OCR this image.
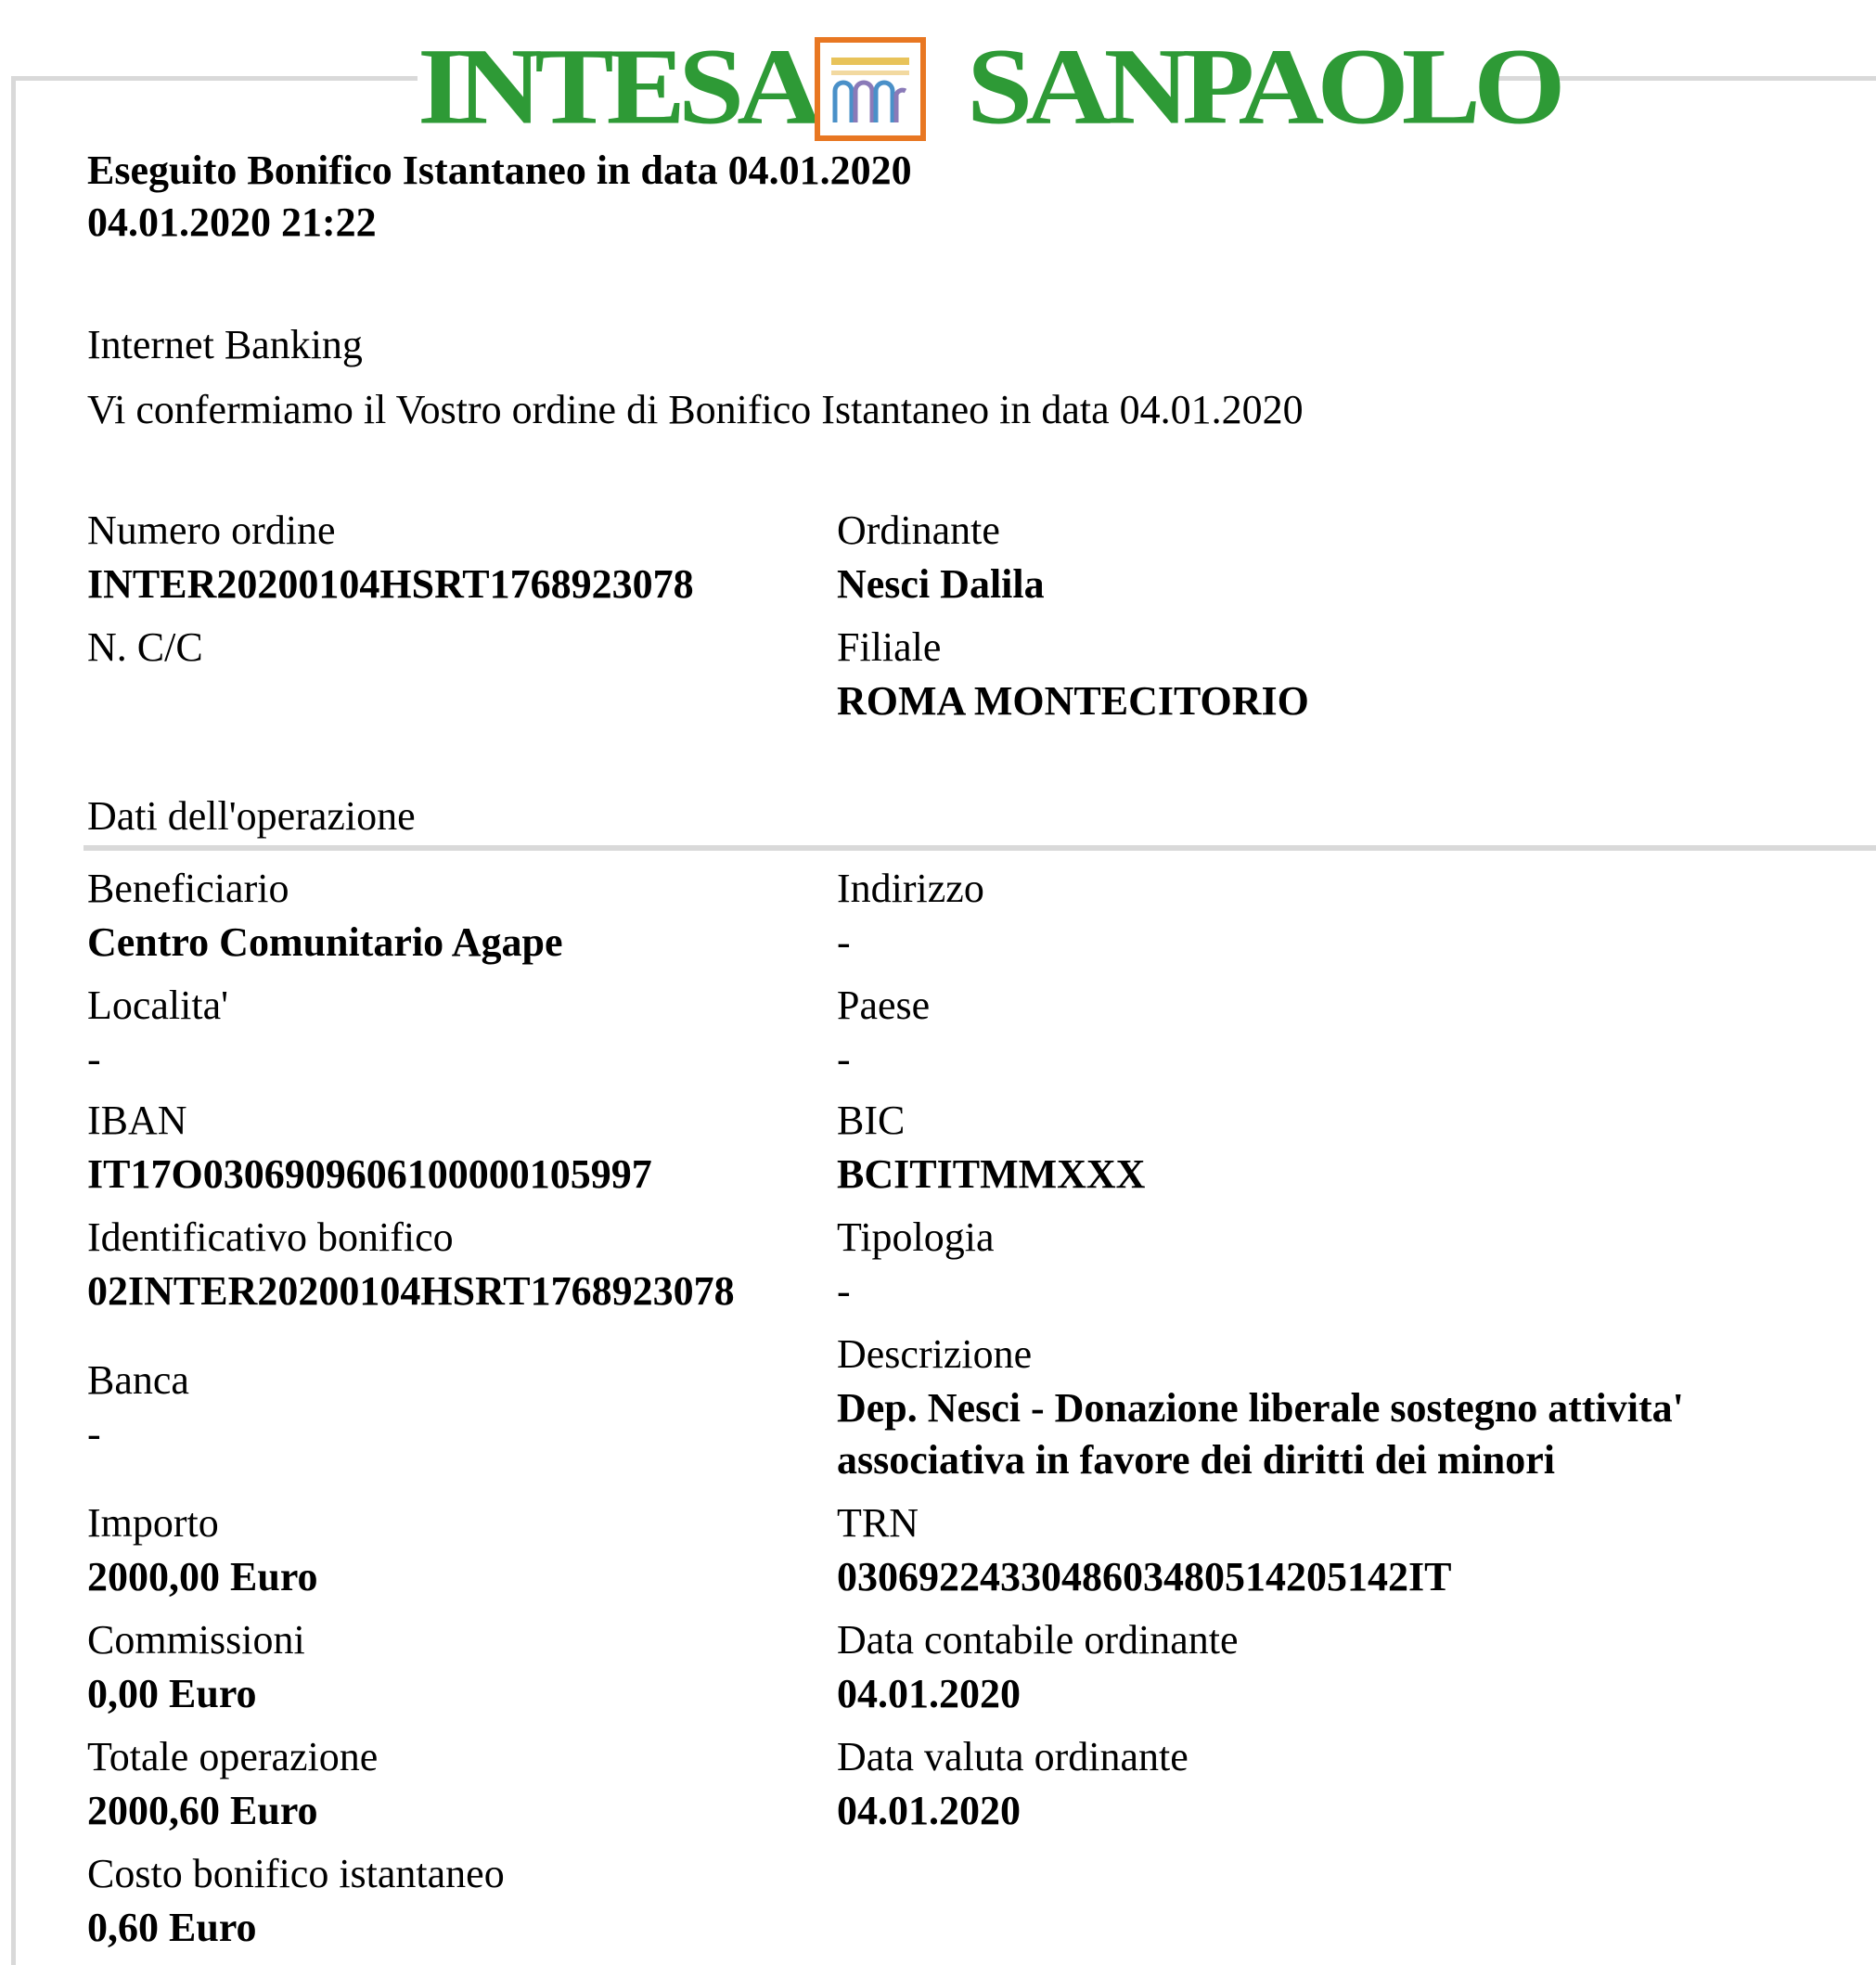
INTESA SANPAOLO
Eseguito Bonifico Istantaneo in data 04.01.2020
04.01.2020 21:22
Internet Banking
Vi confermiamo il Vostro ordine di Bonifico Istantaneo in data 04.01.2020
Numero ordine
INTER20200104HSRT1768923078
Ordinante
Nesci Dalila
N. C/C	Filiale
ROMA MONTECITORIO
Dati dell'operazione
Beneficiario
Centro Comunitario Agape
Indirizzo
-
Localita'
-
Paese
-
IBAN
IT17O0306909606100000105997
BIC
BCITITMMXXX
Identificativo bonifico
02INTER20200104HSRT1768923078
Tipologia
-
Banca
-
Descrizione
Dep. Nesci - Donazione liberale sostegno attivita'
associativa in favore dei diritti dei minori
Importo
2000,00 Euro
TRN
0306922433048603480514205142IT
Commissioni
0,00 Euro
Data contabile ordinante
04.01.2020
Totale operazione
2000,60 Euro
Data valuta ordinante
04.01.2020
Costo bonifico istantaneo
0,60 Euro
